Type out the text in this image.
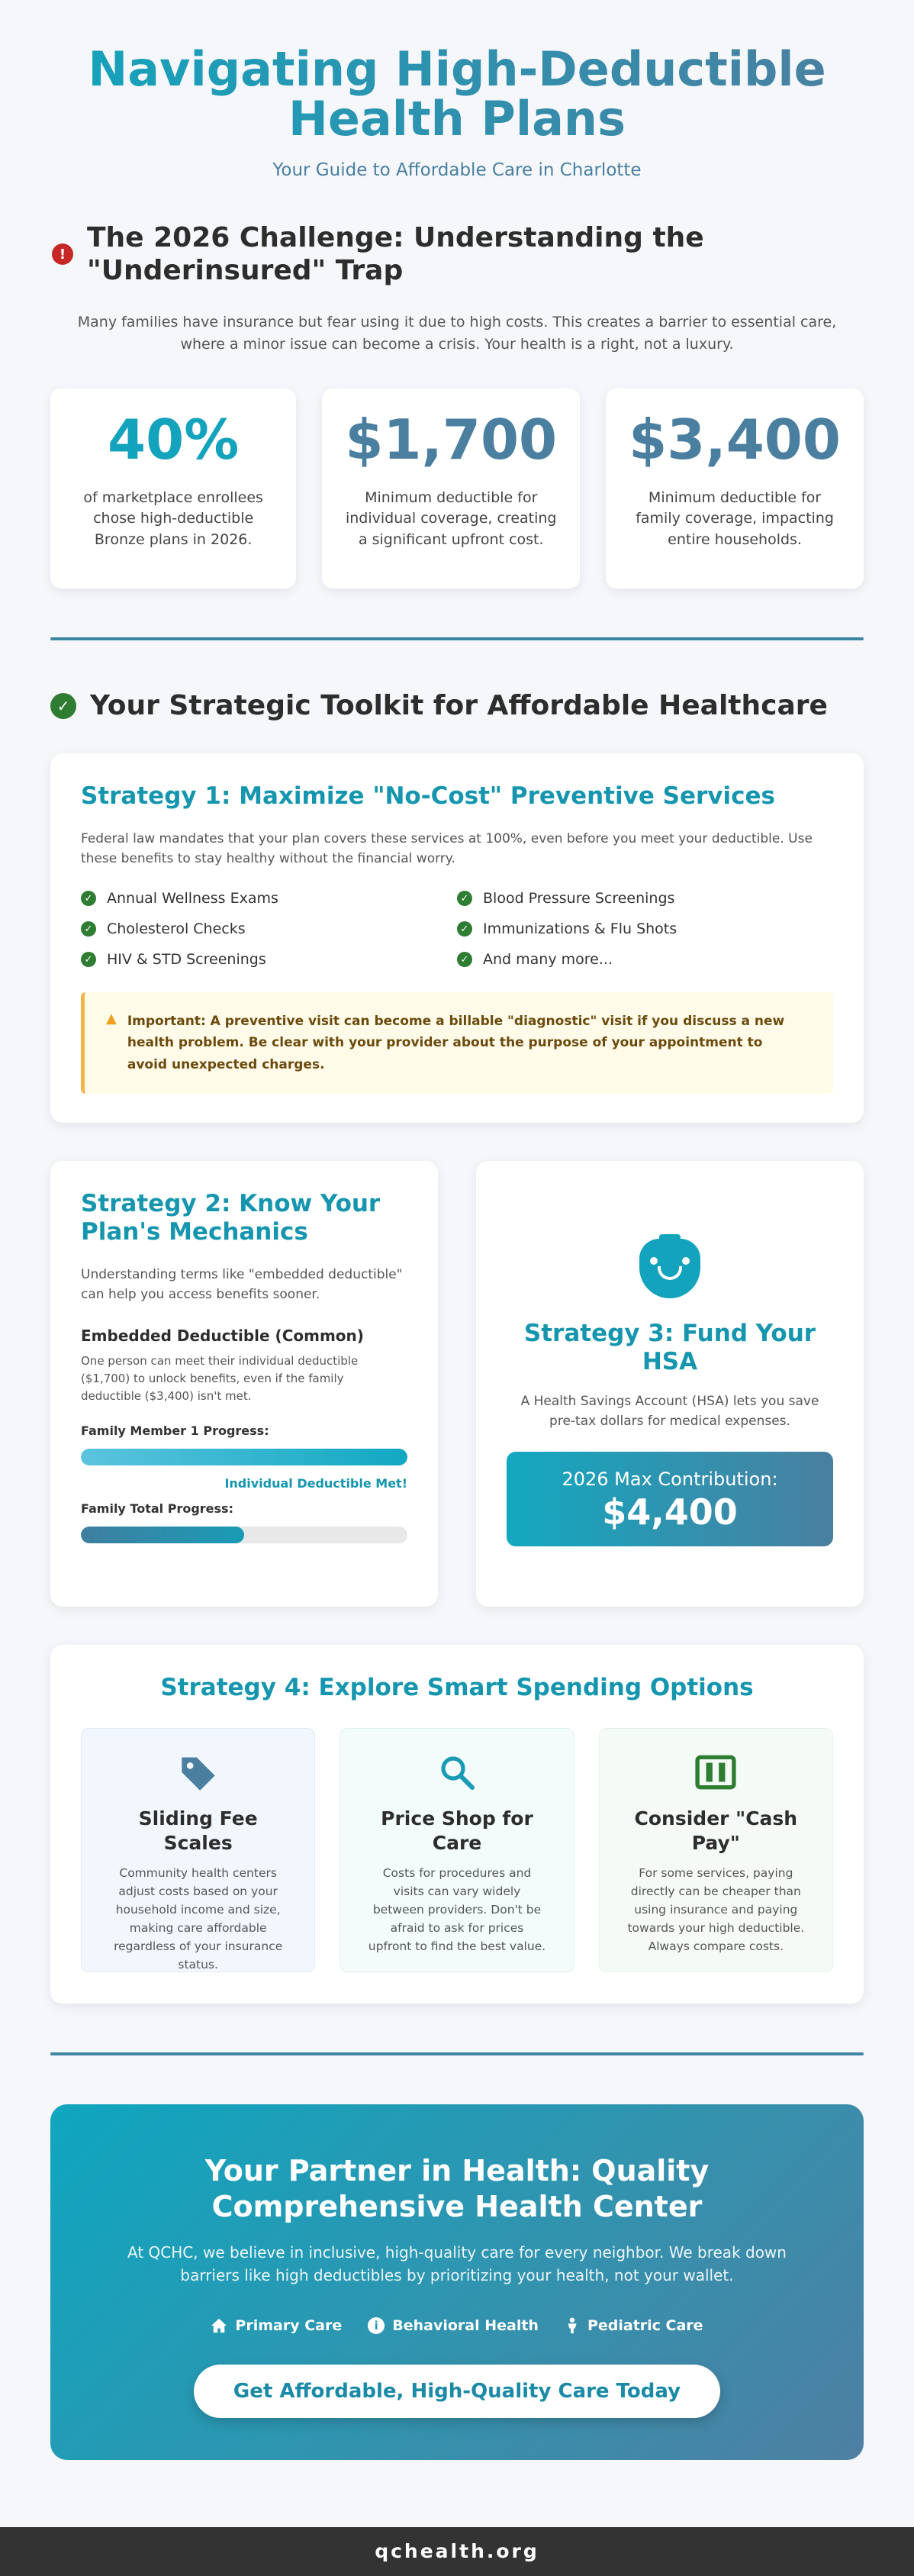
Navigating High-Deductible Health Plans
Your Guide to Affordable Care in Charlotte
!
The 2026 Challenge: Understanding the "Underinsured" Trap

Many families have insurance but fear using it due to high costs. This creates a barrier to essential care, where a minor issue can become a crisis. Your health is a right, not a luxury.

40%
of marketplace enrollees chose high-deductible Bronze plans in 2026.
$1,700
Minimum deductible for individual coverage, creating a significant upfront cost.
$3,400
Minimum deductible for family coverage, impacting entire households.
✓ Your Strategic Toolkit for Affordable Healthcare
Strategy 1: Maximize "No-Cost" Preventive Services

Federal law mandates that your plan covers these services at 100%, even before you meet your deductible. Use these benefits to stay healthy without the financial worry.

✓ Annual Wellness Exams	✓ Blood Pressure Screenings
✓ Cholesterol Checks	✓ Immunizations & Flu Shots
✓ HIV & STD Screenings	✓ And many more...
▲ Important: A preventive visit can become a billable "diagnostic" visit if you discuss a new health problem. Be clear with your provider about the purpose of your appointment to avoid unexpected charges.
Strategy 2: Know Your Plan's Mechanics

Understanding terms like "embedded deductible" can help you access benefits sooner.

Embedded Deductible (Common)

One person can meet their individual deductible ($1,700) to unlock benefits, even if the family deductible ($3,400) isn't met.

Family Member 1 Progress:
Individual Deductible Met!
Family Total Progress:
Strategy 3: Fund Your HSA

A Health Savings Account (HSA) lets you save pre-tax dollars for medical expenses.

2026 Max Contribution:
$4,400
Strategy 4: Explore Smart Spending Options
Sliding Fee Scales

Community health centers adjust costs based on your household income and size, making care affordable regardless of your insurance status.

Price Shop for Care

Costs for procedures and visits can vary widely between providers. Don't be afraid to ask for prices upfront to find the best value.

Consider "Cash Pay"

For some services, paying directly can be cheaper than using insurance and paying towards your high deductible. Always compare costs.

Your Partner in Health: Quality Comprehensive Health Center

At QCHC, we believe in inclusive, high-quality care for every neighbor. We break down barriers like high deductibles by prioritizing your health, not your wallet.

Primary Care	i Behavioral Health	Pediatric Care
Get Affordable, High-Quality Care Today
qchealth.org
